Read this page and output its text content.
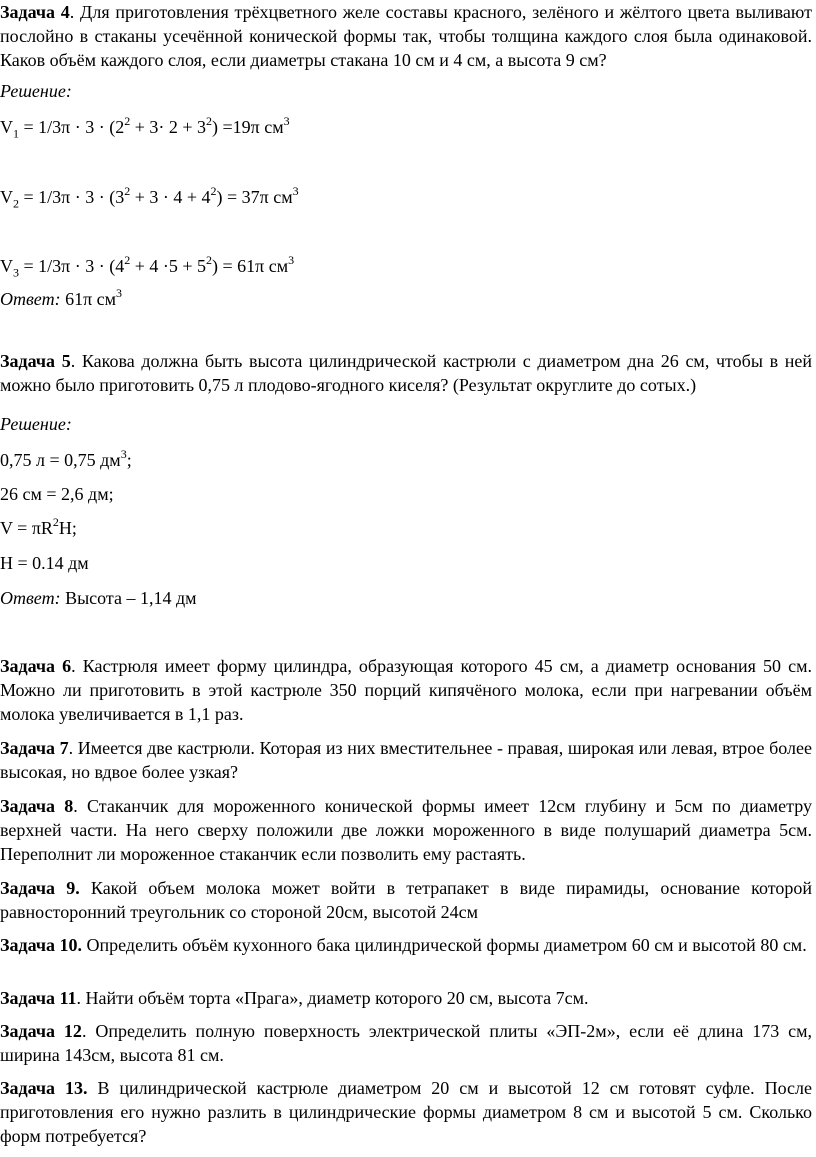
Задача 4. Для приготовления трёхцветного желе составы красного, зелёного и жёлтого цвета выливают послойно в стаканы усечённой конической формы так, чтобы толщина каждого слоя была одинаковой. Каков объём каждого слоя, если диаметры стакана 10 см и 4 см, а высота 9 см?

Решение:

$V_1 = 1/3\pi \cdot 3 \cdot (2^2 + 3\cdot 2 + 3^2) =19\pi$ $см^3$

$V_2 = 1/3\pi \cdot 3 \cdot (3^2 + 3 \cdot 4 + 4^2) = 37\pi$ $см^3$

$V_3 = 1/3\pi \cdot 3 \cdot (4^2 + 4 \cdot 5 + 5^2) = 61\pi$ $см^3$

Ответ: 61π $см^3$

Задача 5. Какова должна быть высота цилиндрической кастрюли с диаметром дна 26 см, чтобы в ней можно было приготовить 0,75 л плодово-ягодного киселя? (Результат округлите до сотых.)

Решение:

0,75 л = 0,75 $дм^3$;

26 см = 2,6 дм;

$V = \pi R^2H$;

H = 0.14 дм

Ответ: Высота – 1,14 дм

Задача 6. Кастрюля имеет форму цилиндра, образующая которого 45 см, а диаметр основания 50 см. Можно ли приготовить в этой кастрюле 350 порций кипячёного молока, если при нагревании объём молока увеличивается в 1,1 раз.

Задача 7. Имеется две кастрюли. Которая из них вместительнее - правая, широкая или левая, втрое более высокая, но вдвое более узкая?

Задача 8. Стаканчик для мороженного конической формы имеет 12см глубину и 5см по диаметру верхней части. На него сверху положили две ложки мороженного в виде полушарий диаметра 5см. Переполнит ли мороженное стаканчик если позволить ему растаять.

Задача 9. Какой объем молока может войти в тетрапакет в виде пирамиды, основание которой равносторонний треугольник со стороной 20см, высотой 24см

Задача 10. Определить объём кухонного бака цилиндрической формы диаметром 60 см и высотой 80 см.

Задача 11. Найти объём торта «Прага», диаметр которого 20 см, высота 7см.

Задача 12. Определить полную поверхность электрической плиты «ЭП-2м», если её длина 173 см, ширина 143см, высота 81 см.

Задача 13. В цилиндрической кастрюле диаметром 20 см и высотой 12 см готовят суфле. После приготовления его нужно разлить в цилиндрические формы диаметром 8 см и высотой 5 см. Сколько форм потребуется?
